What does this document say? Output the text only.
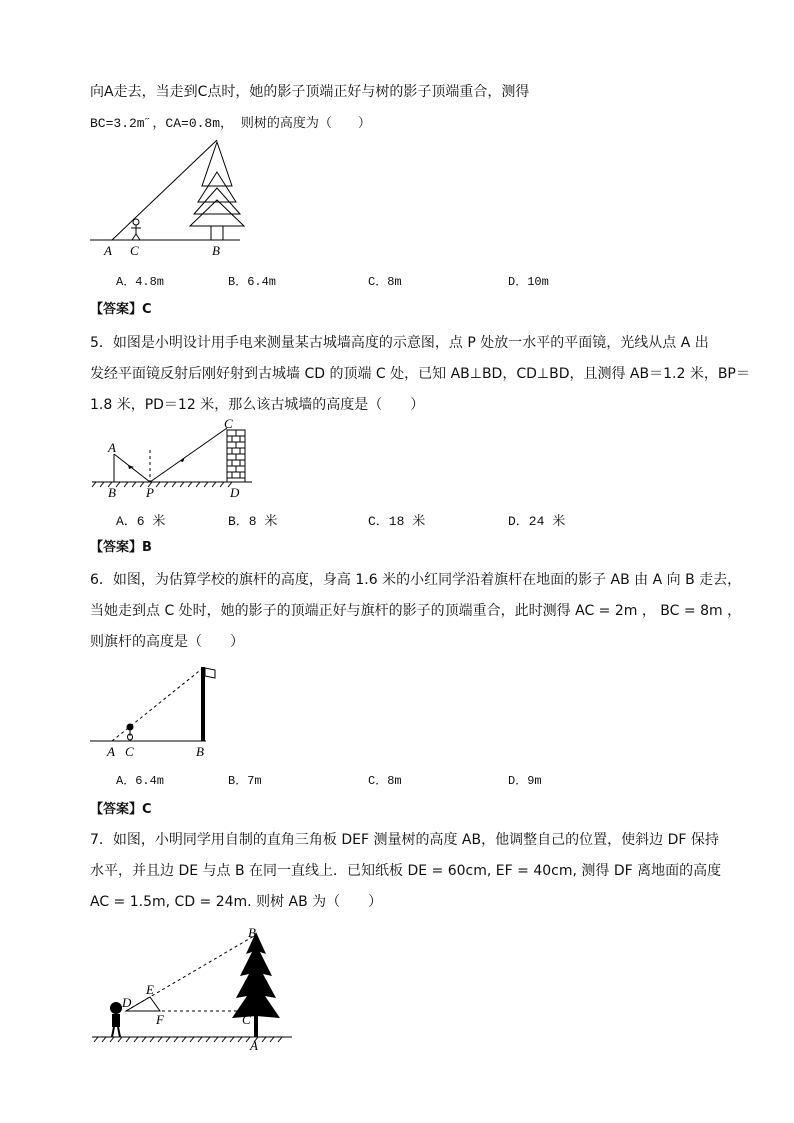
向A走去，当走到C点时，她的影子顶端正好与树的影子顶端重合，测得
BC=3.2m˝，CA=0.8m， 则树的高度为（　　）
A C	B
A．4.8m	B．6.4m	C．8m	D．10m
【答案】C
5．如图是小明设计用手电来测量某古城墙高度的示意图，点 P 处放一水平的平面镜，光线从点 A 出
发经平面镜反射后刚好射到古城墙 CD 的顶端 C 处，已知 AB⊥BD，CD⊥BD，且测得 AB＝1.2 米，BP＝
1.8 米，PD＝12 米，那么该古城墙的高度是（　　）
A
B P
C
D
A．6 米	B．8 米	C．18 米	D．24 米
【答案】B
6．如图，为估算学校的旗杆的高度，身高 1.6 米的小红同学沿着旗杆在地面的影子 AB 由 A 向 B 走去，
当她走到点 C 处时，她的影子的顶端正好与旗杆的影子的顶端重合，此时测得 AC = 2m ， BC = 8m ，
则旗杆的高度是（　　）
A C	B
A．6.4m	B．7m	C．8m	D．9m
【答案】C
7．如图，小明同学用自制的直角三角板 DEF 测量树的高度 AB，他调整自己的位置，使斜边 DF 保持
水平，并且边 DE 与点 B 在同一直线上．已知纸板 DE = 60cm, EF = 40cm, 测得 DF 离地面的高度
AC = 1.5m, CD = 24m. 则树 AB 为（　　）
B
E
D
F	C
A
